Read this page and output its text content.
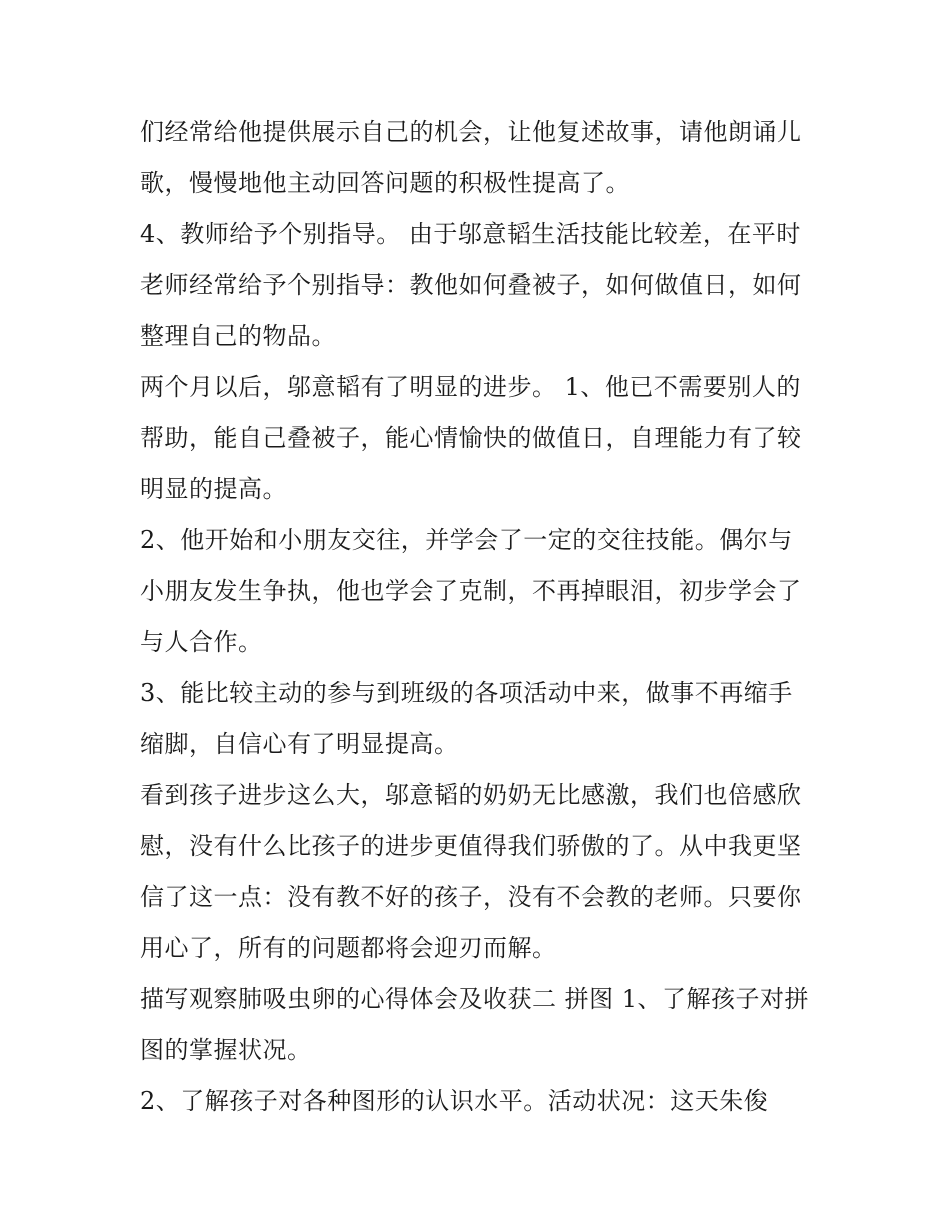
们经常给他提供展示自己的机会，让他复述故事，请他朗诵儿
歌，慢慢地他主动回答问题的积极性提高了。
4、教师给予个别指导。 由于邬意韬生活技能比较差，在平时
老师经常给予个别指导：教他如何叠被子，如何做值日，如何
整理自己的物品。
两个月以后，邬意韬有了明显的进步。 1、他已不需要别人的
帮助，能自己叠被子，能心情愉快的做值日，自理能力有了较
明显的提高。
2、他开始和小朋友交往，并学会了一定的交往技能。偶尔与
小朋友发生争执，他也学会了克制，不再掉眼泪，初步学会了
与人合作。
3、能比较主动的参与到班级的各项活动中来，做事不再缩手
缩脚，自信心有了明显提高。
看到孩子进步这么大，邬意韬的奶奶无比感激，我们也倍感欣
慰，没有什么比孩子的进步更值得我们骄傲的了。从中我更坚
信了这一点：没有教不好的孩子，没有不会教的老师。只要你
用心了，所有的问题都将会迎刃而解。
描写观察肺吸虫卵的心得体会及收获二 拼图 1、了解孩子对拼
图的掌握状况。
2、了解孩子对各种图形的认识水平。活动状况：这天朱俊
